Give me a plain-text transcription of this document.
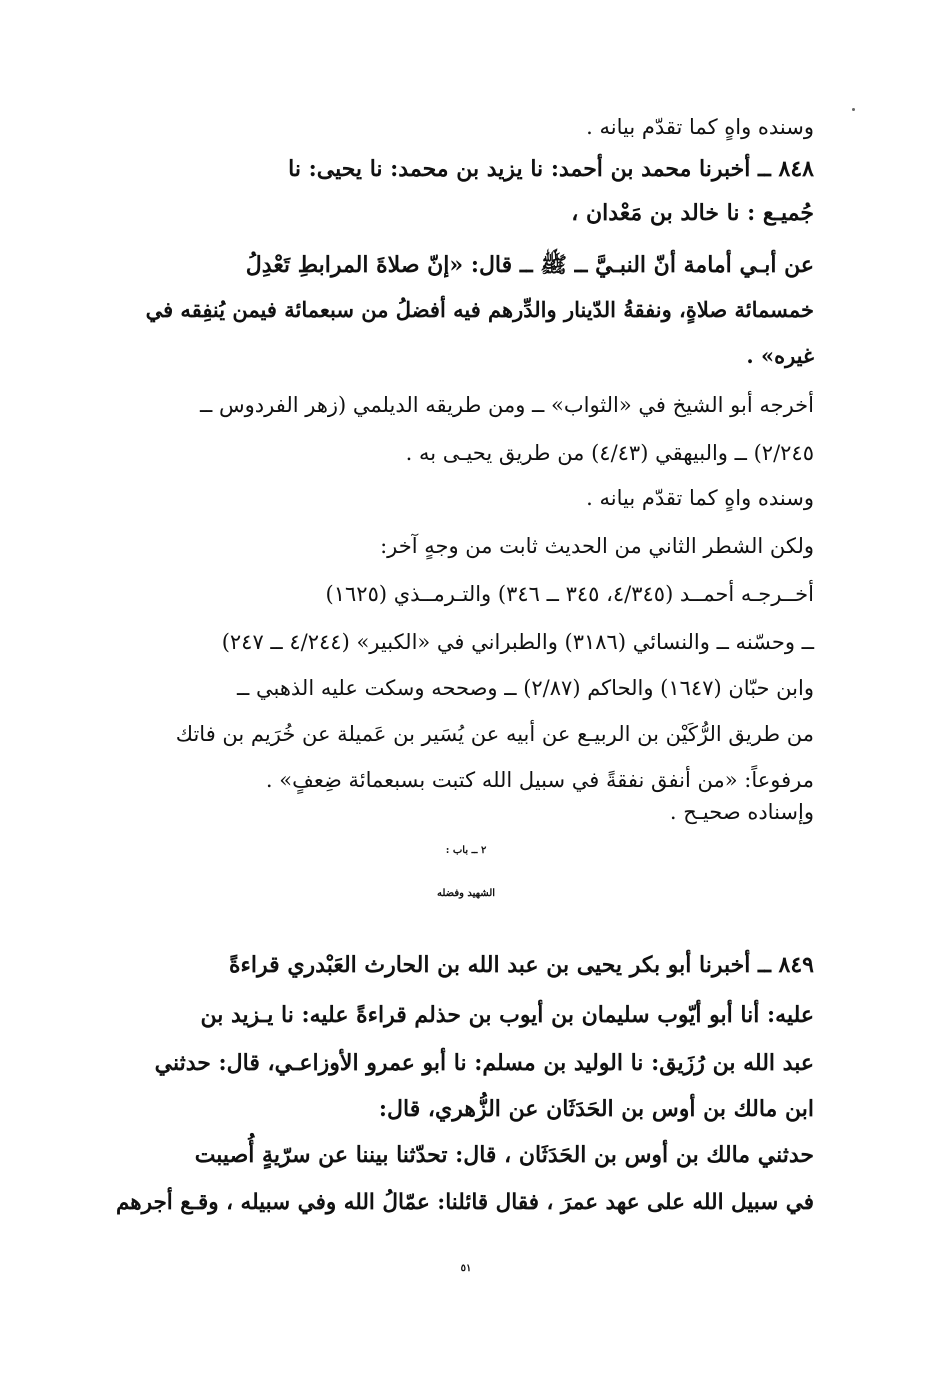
وسنده واهٍ كما تقدّم بيانه .
٨٤٨ ــ أخبرنا محمد بن أحمد: نا يزيد بن محمد: نا يحيى: نا
جُميـع : نا خالد بن مَعْدان ،
عن أبـي أمامة أنّ النبـيَّ ــ ﷺ ــ قال: «إنّ صلاةَ المرابطِ تَعْدِلُ
خمسمائة صلاةٍ، ونفقةُ الدّينار والدِّرهم فيه أفضلُ من سبعمائة فيمن يُنفِقه في
غيره» .
أخرجه أبو الشيخ في «الثواب» ــ ومن طريقه الديلمي (زهر الفردوس ــ
٢/٢٤٥) ــ والبيهقي (٤/٤٣) من طريق يحيـى به .
وسنده واهٍ كما تقدّم بيانه .
ولكن الشطر الثاني من الحديث ثابت من وجهٍ آخر:
أخــرجـه أحمــد (٤/٣٤٥، ٣٤٥ ــ ٣٤٦) والتـرمــذي (١٦٢٥)
ــ وحسّنه ــ والنسائي (٣١٨٦) والطبراني في «الكبير» (٤/٢٤٤ ــ ٢٤٧)
وابن حبّان (١٦٤٧) والحاكم (٢/٨٧) ــ وصححه وسكت عليه الذهبي ــ
من طريق الرُّكَيْن بن الربيـع عن أبيه عن يُسَير بن عَميلة عن خُرَيم بن فاتك
مرفوعاً: «من أنفق نفقةً في سبيل الله كتبت بسبعمائة ضِعفٍ» .
وإسناده صحيـح .
٢ ــ باب :
الشهيد وفضله
٨٤٩ ــ أخبرنا أبو بكر يحيى بن عبد الله بن الحارث العَبْدري قراءةً
عليه: أنا أبو أيّوب سليمان بن أيوب بن حذلم قراءةً عليه: نا يـزيد بن
عبد الله بن رُزَيق: نا الوليد بن مسلم: نا أبو عمرو الأوزاعـي، قال: حدثني
ابن مالك بن أوس بن الحَدَثَان عن الزُّهري، قال:
حدثني مالك بن أوس بن الحَدَثَان ، قال: تحدّثنا بيننا عن سرّيةٍ أُصيبت
في سبيل الله على عهد عمرَ ، فقال قائلنا: عمّالُ الله وفي سبيله ، وقـع أجرهم
٥١
